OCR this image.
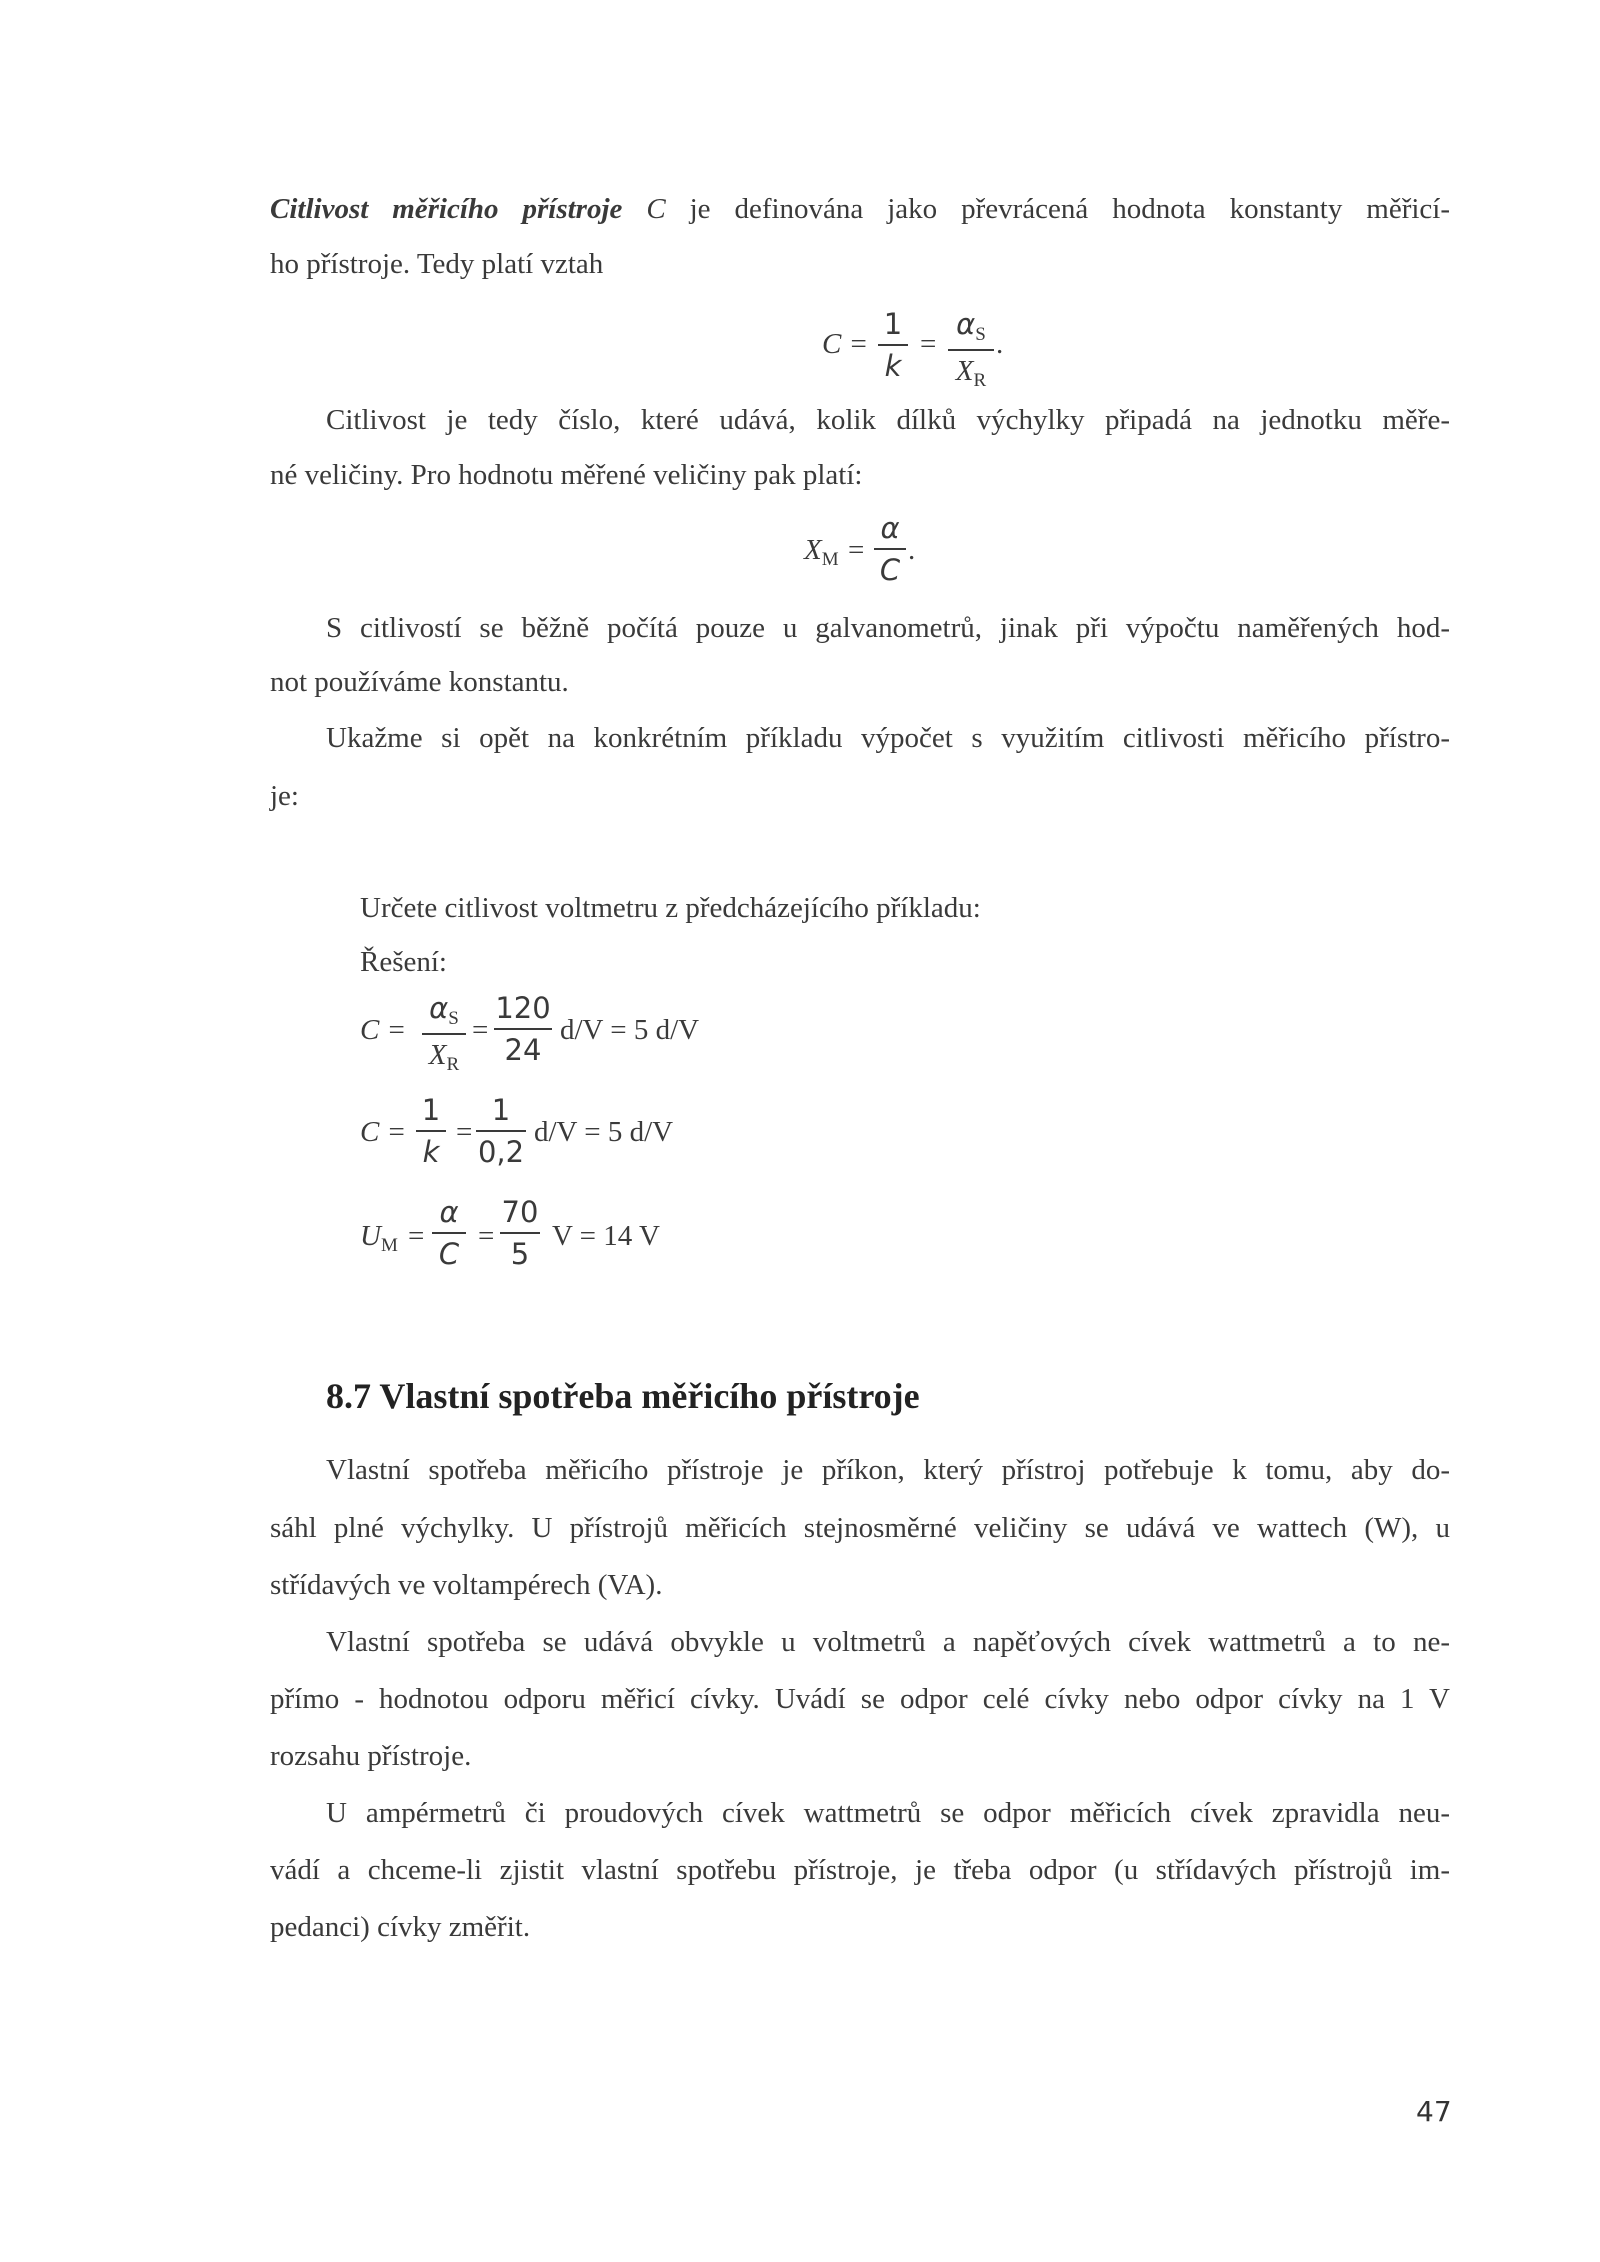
Citlivost měřicího přístroje C je definována jako převrácená hodnota konstanty měřicí-
ho přístroje. Tedy platí vztah
C =
1
k
=
$\alpha_S$
$X_R$
.
Citlivost je tedy číslo, které udává, kolik dílků výchylky připadá na jednotku měře-
né veličiny. Pro hodnotu měřené veličiny pak platí:
$X_M$ =
α
C
.
S citlivostí se běžně počítá pouze u galvanometrů, jinak při výpočtu naměřených hod-
not používáme konstantu.
Ukažme si opět na konkrétním příkladu výpočet s využitím citlivosti měřicího přístro-
je:
Určete citlivost voltmetru z předcházejícího příkladu:
Řešení:
C =
$\alpha_S$
$X_R$
=
120
24
d/V = 5 d/V
C =
1
k
=
1
0,2
d/V = 5 d/V
$U_M$ =
α
C
=
70
5
V = 14 V
8.7 Vlastní spotřeba měřicího přístroje
Vlastní spotřeba měřicího přístroje je příkon, který přístroj potřebuje k tomu, aby do-
sáhl plné výchylky. U přístrojů měřicích stejnosměrné veličiny se udává ve wattech (W), u
střídavých ve voltampérech (VA).
Vlastní spotřeba se udává obvykle u voltmetrů a napěťových cívek wattmetrů a to ne-
přímo - hodnotou odporu měřicí cívky. Uvádí se odpor celé cívky nebo odpor cívky na 1 V
rozsahu přístroje.
U ampérmetrů či proudových cívek wattmetrů se odpor měřicích cívek zpravidla neu-
vádí a chceme-li zjistit vlastní spotřebu přístroje, je třeba odpor (u střídavých přístrojů im-
pedanci) cívky změřit.
47
